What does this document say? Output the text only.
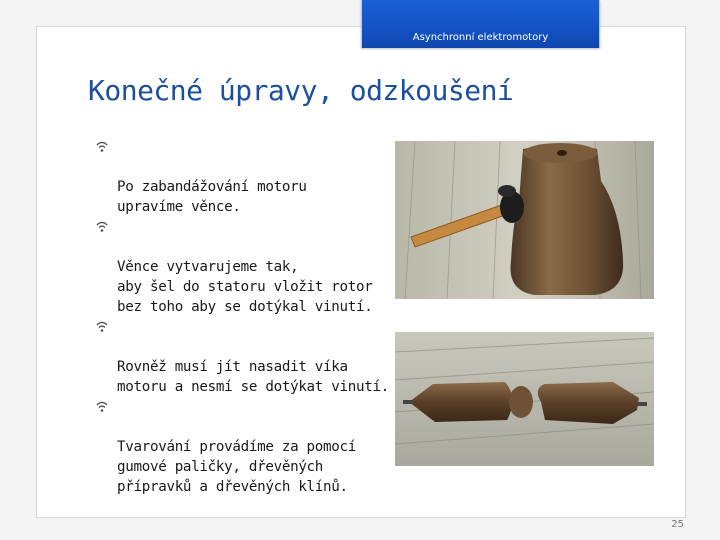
Asynchronní elektromotory
Konečné úpravy, odzkoušení

Po zabandážování motoru
upravíme věnce.

Věnce vytvarujeme tak,
aby šel do statoru vložit rotor
bez toho aby se dotýkal vinutí.

Rovněž musí jít nasadit víka
motoru a nesmí se dotýkat vinutí.

Tvarování provádíme za pomocí
gumové paličky, dřevěných
přípravků a dřevěných klínů.

25
